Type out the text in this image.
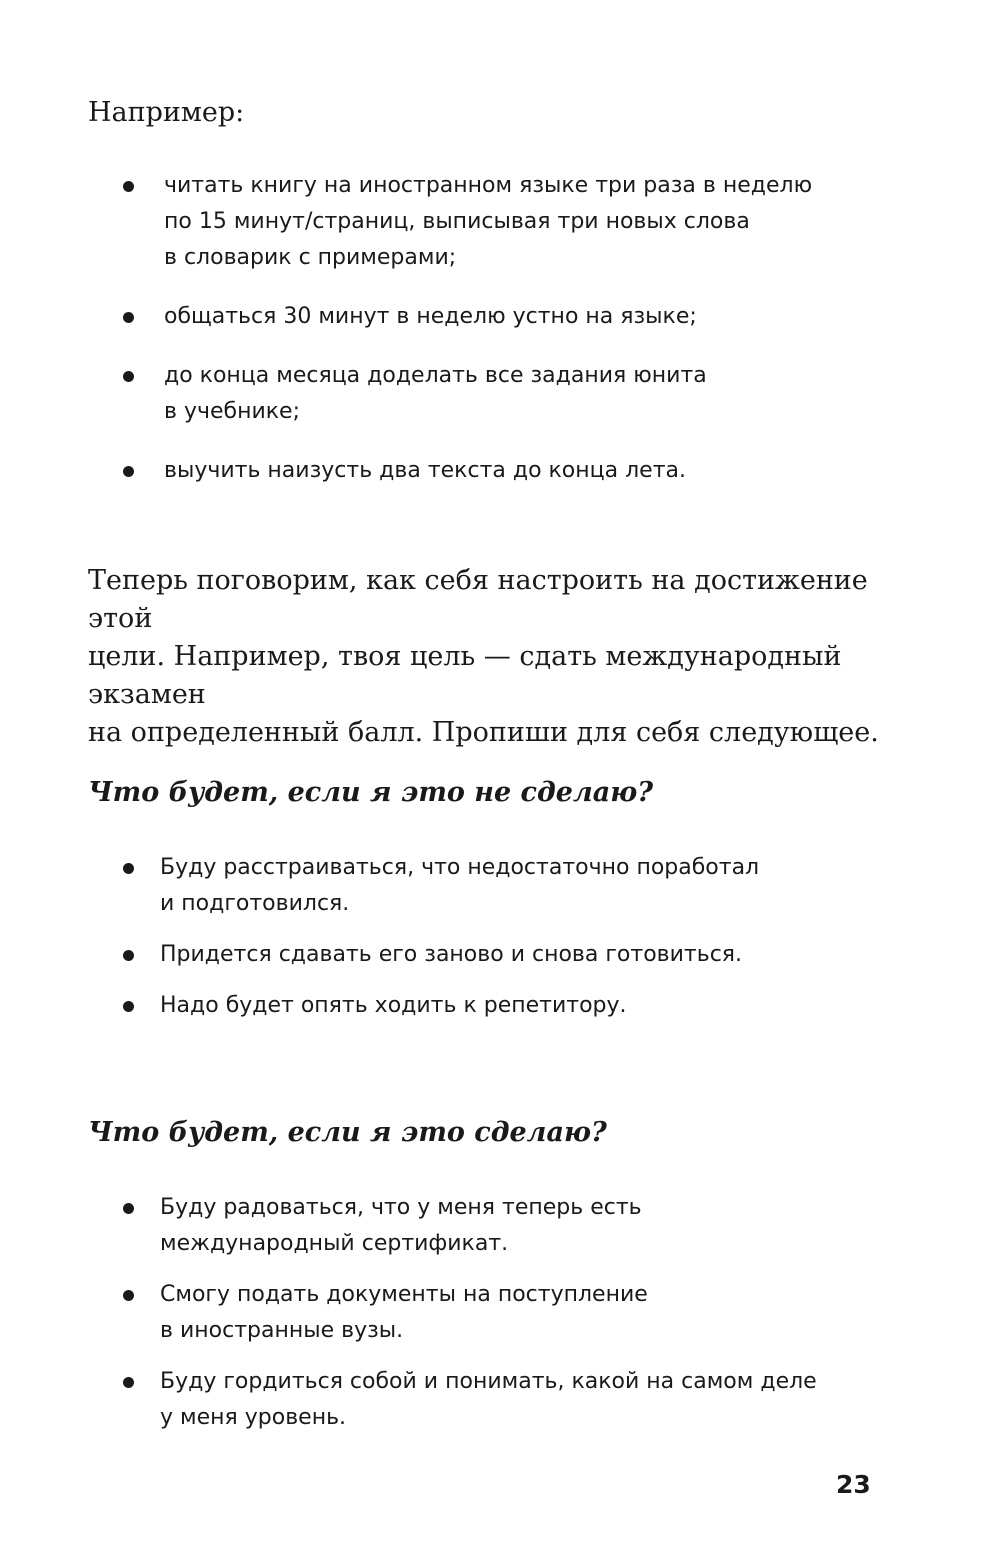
Например:

читать книгу на иностранном языке три раза в неделю
по 15 минут/страниц, выписывая три новых слова
в словарик с примерами;
общаться 30 минут в неделю устно на языке;
до конца месяца доделать все задания юнита
в учебнике;
выучить наизусть два текста до конца лета.

Теперь поговорим, как себя настроить на достижение этой
цели. Например, твоя цель — сдать международный экзамен
на определенный балл. Пропиши для себя следующее.

Что будет, если я это не сделаю?
Буду расстраиваться, что недостаточно поработал
и подготовился.
Придется сдавать его заново и снова готовиться.
Надо будет опять ходить к репетитору.
Что будет, если я это сделаю?
Буду радоваться, что у меня теперь есть
международный сертификат.
Смогу подать документы на поступление
в иностранные вузы.
Буду гордиться собой и понимать, какой на самом деле
у меня уровень.

23
